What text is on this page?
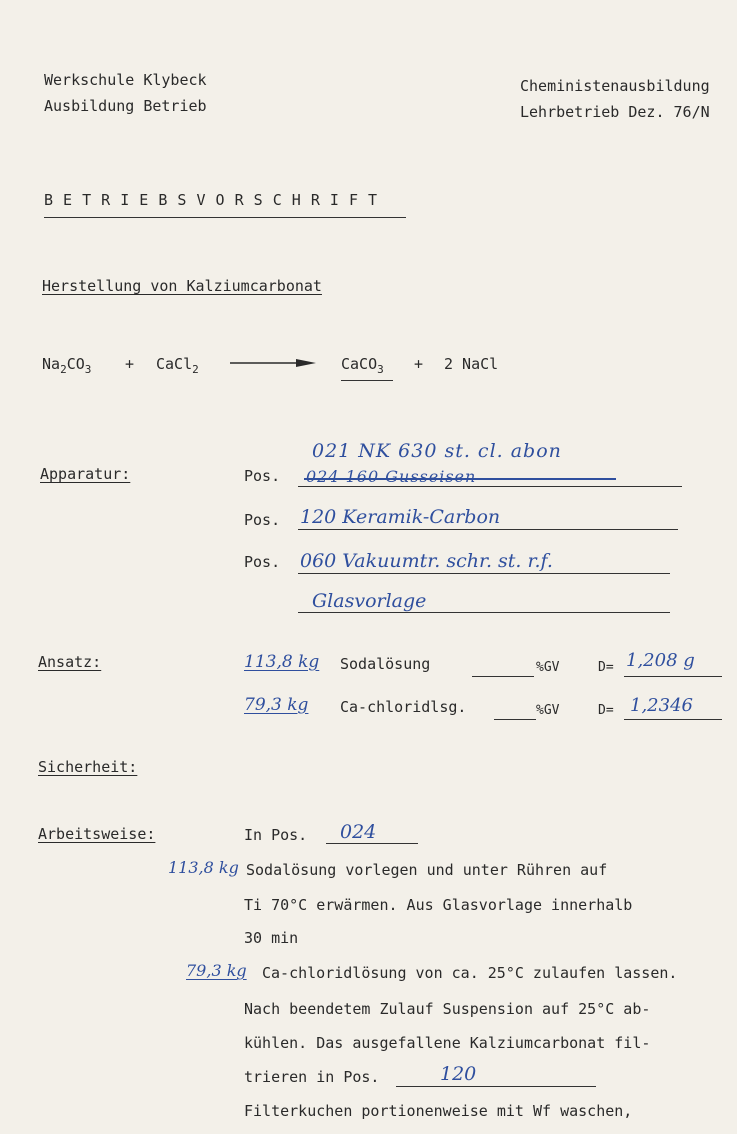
Werkschule Klybeck
Ausbildung Betrieb
Cheministenausbildung
Lehrbetrieb Dez. 76/N
B E T R I E B S V O R S C H R I F T
Herstellung von Kalziumcarbonat
$Na_2CO_3$ + CaCl$_2$	CaCO$_3$ + 2 NaCl
Apparatur:
021 NK 630 st. cl. abon
Pos. 024 160 Gusseisen
Pos. 120 Keramik-Carbon
Pos. 060 Vakuumtr. schr. st. r.f.
Glasvorlage
Ansatz:	113,8 kg Sodalösung	%GV	D= 1,208 g
79,3 kg Ca-chloridlsg.	%GV	D= 1,2346
Sicherheit:
Arbeitsweise:	In Pos. 024
113,8 kg Sodalösung vorlegen und unter Rühren auf
Ti 70°C erwärmen. Aus Glasvorlage innerhalb
30 min
79,3 kg Ca-chloridlösung von ca. 25°C zulaufen lassen.
Nach beendetem Zulauf Suspension auf 25°C ab-
kühlen. Das ausgefallene Kalziumcarbonat fil-
trieren in Pos.	120
Filterkuchen portionenweise mit Wf waschen,
